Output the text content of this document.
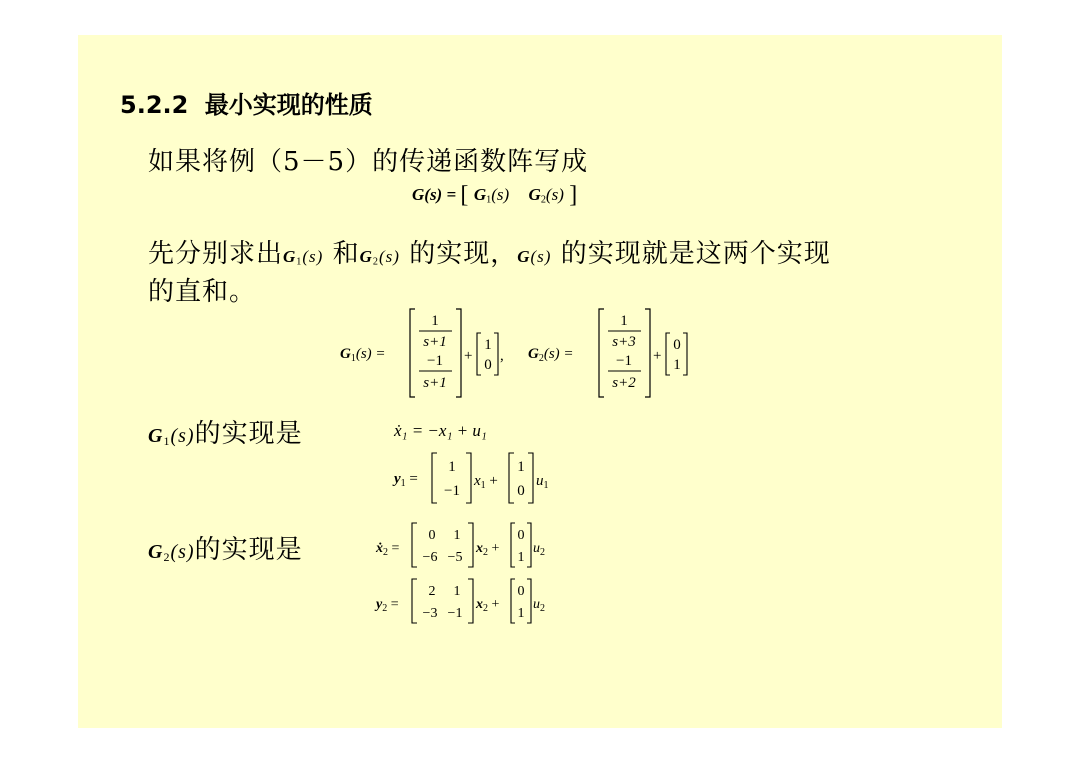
5.2.2 最小实现的性质
如果将例（5－5）的传递函数阵写成
G(s) = [ $G_1(s)$ $G_2(s)$ ]
先分别求出$G_1(s)$ 和$G_2(s)$ 的实现，G(s) 的实现就是这两个实现
的直和。
$G_1(s)$ =
1
s+1
−1
s+1
+
1
0
, $G_2(s)$ =
1
s+3
−1
s+2
+
0
1
$G_1(s)$的实现是	ẋ₁ = −x₁ + u₁
$y_1$ =
1
−1
$x_1$ +
1
0
$u_1$
$G_2(s)$的实现是	ẋ$_2$ =
0 1
−6 −5
$x_2$ +
0
1
$u_2$
$y_2$ =
2 1
−3 −1
$x_2$ +
0
1
$u_2$
